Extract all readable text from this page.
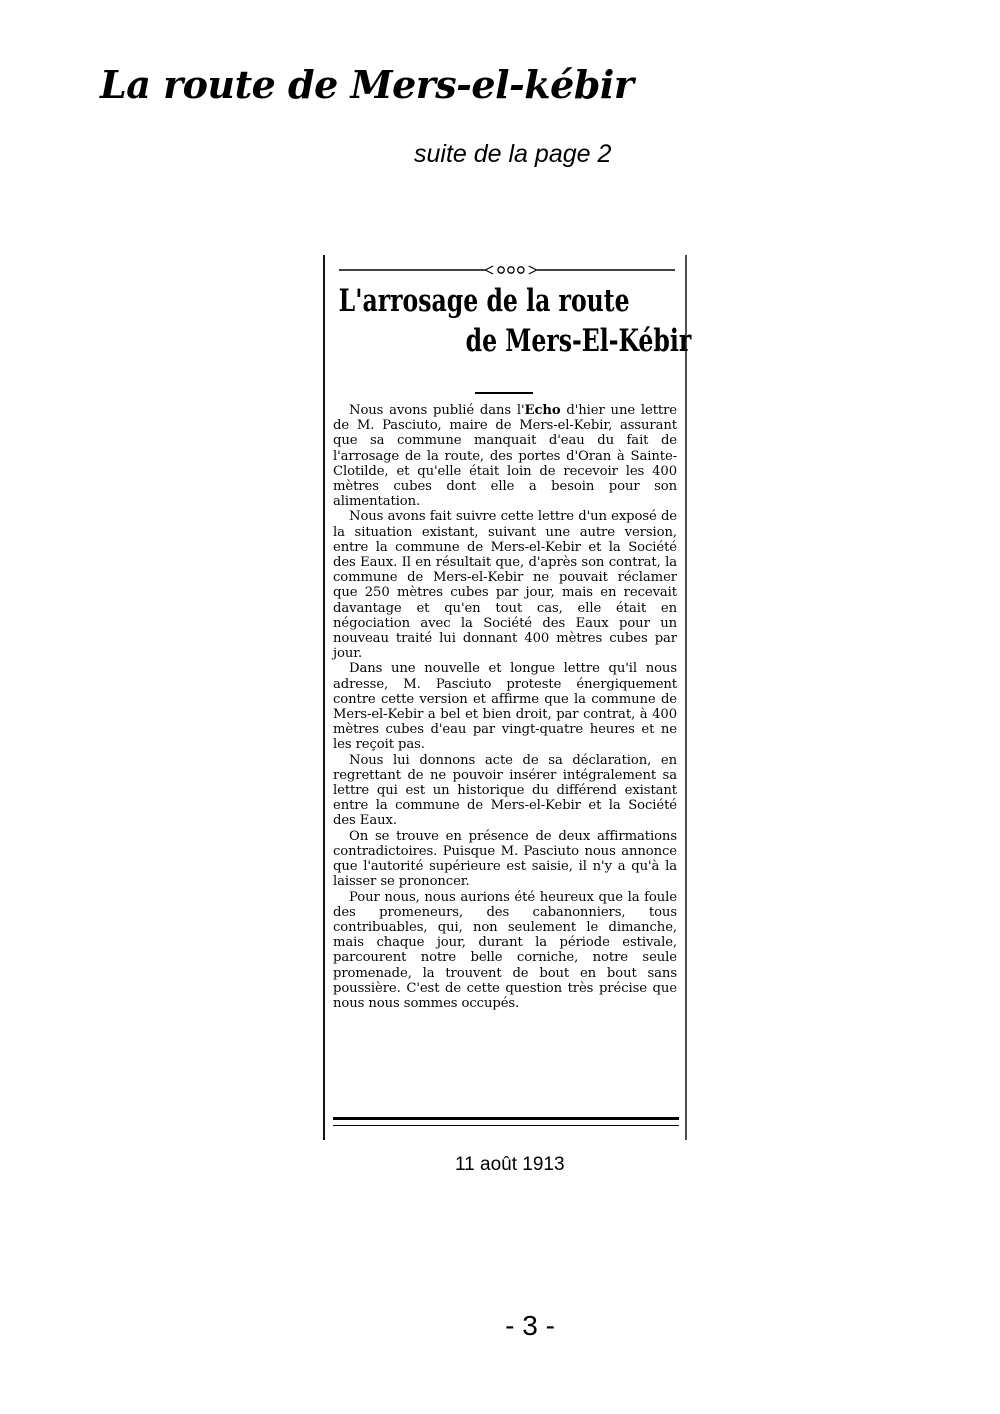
La route de Mers-el-kébir
suite de la page 2
L'arrosage de la route
de Mers-El-Kébir

Nous avons publié dans l'Echo d'hier une lettre de M. Pasciuto, maire de Mers-el-Kebir, assurant que sa commune manquait d'eau du fait de l'arrosage de la route, des portes d'Oran à Sainte-Clotilde, et qu'elle était loin de recevoir les 400 mètres cubes dont elle a besoin pour son alimentation.

Nous avons fait suivre cette lettre d'un exposé de la situation existant, suivant une autre version, entre la commune de Mers-el-Kebir et la Société des Eaux. Il en résultait que, d'après son contrat, la commune de Mers-el-Kebir ne pouvait réclamer que 250 mètres cubes par jour, mais en recevait davantage et qu'en tout cas, elle était en négociation avec la Société des Eaux pour un nouveau traité lui donnant 400 mètres cubes par jour.

Dans une nouvelle et longue lettre qu'il nous adresse, M. Pasciuto proteste énergiquement contre cette version et affirme que la commune de Mers-el-Kebir a bel et bien droit, par contrat, à 400 mètres cubes d'eau par vingt-quatre heures et ne les reçoit pas.

Nous lui donnons acte de sa déclaration, en regrettant de ne pouvoir insérer intégralement sa lettre qui est un historique du différend existant entre la commune de Mers-el-Kebir et la Société des Eaux.

On se trouve en présence de deux affirmations contradictoires. Puisque M. Pasciuto nous annonce que l'autorité supérieure est saisie, il n'y a qu'à la laisser se prononcer.

Pour nous, nous aurions été heureux que la foule des promeneurs, des cabanonniers, tous contribuables, qui, non seulement le dimanche, mais chaque jour, durant la période estivale, parcourent notre belle corniche, notre seule promenade, la trouvent de bout en bout sans poussière. C'est de cette question très précise que nous nous sommes occupés.

11 août 1913
- 3 -
